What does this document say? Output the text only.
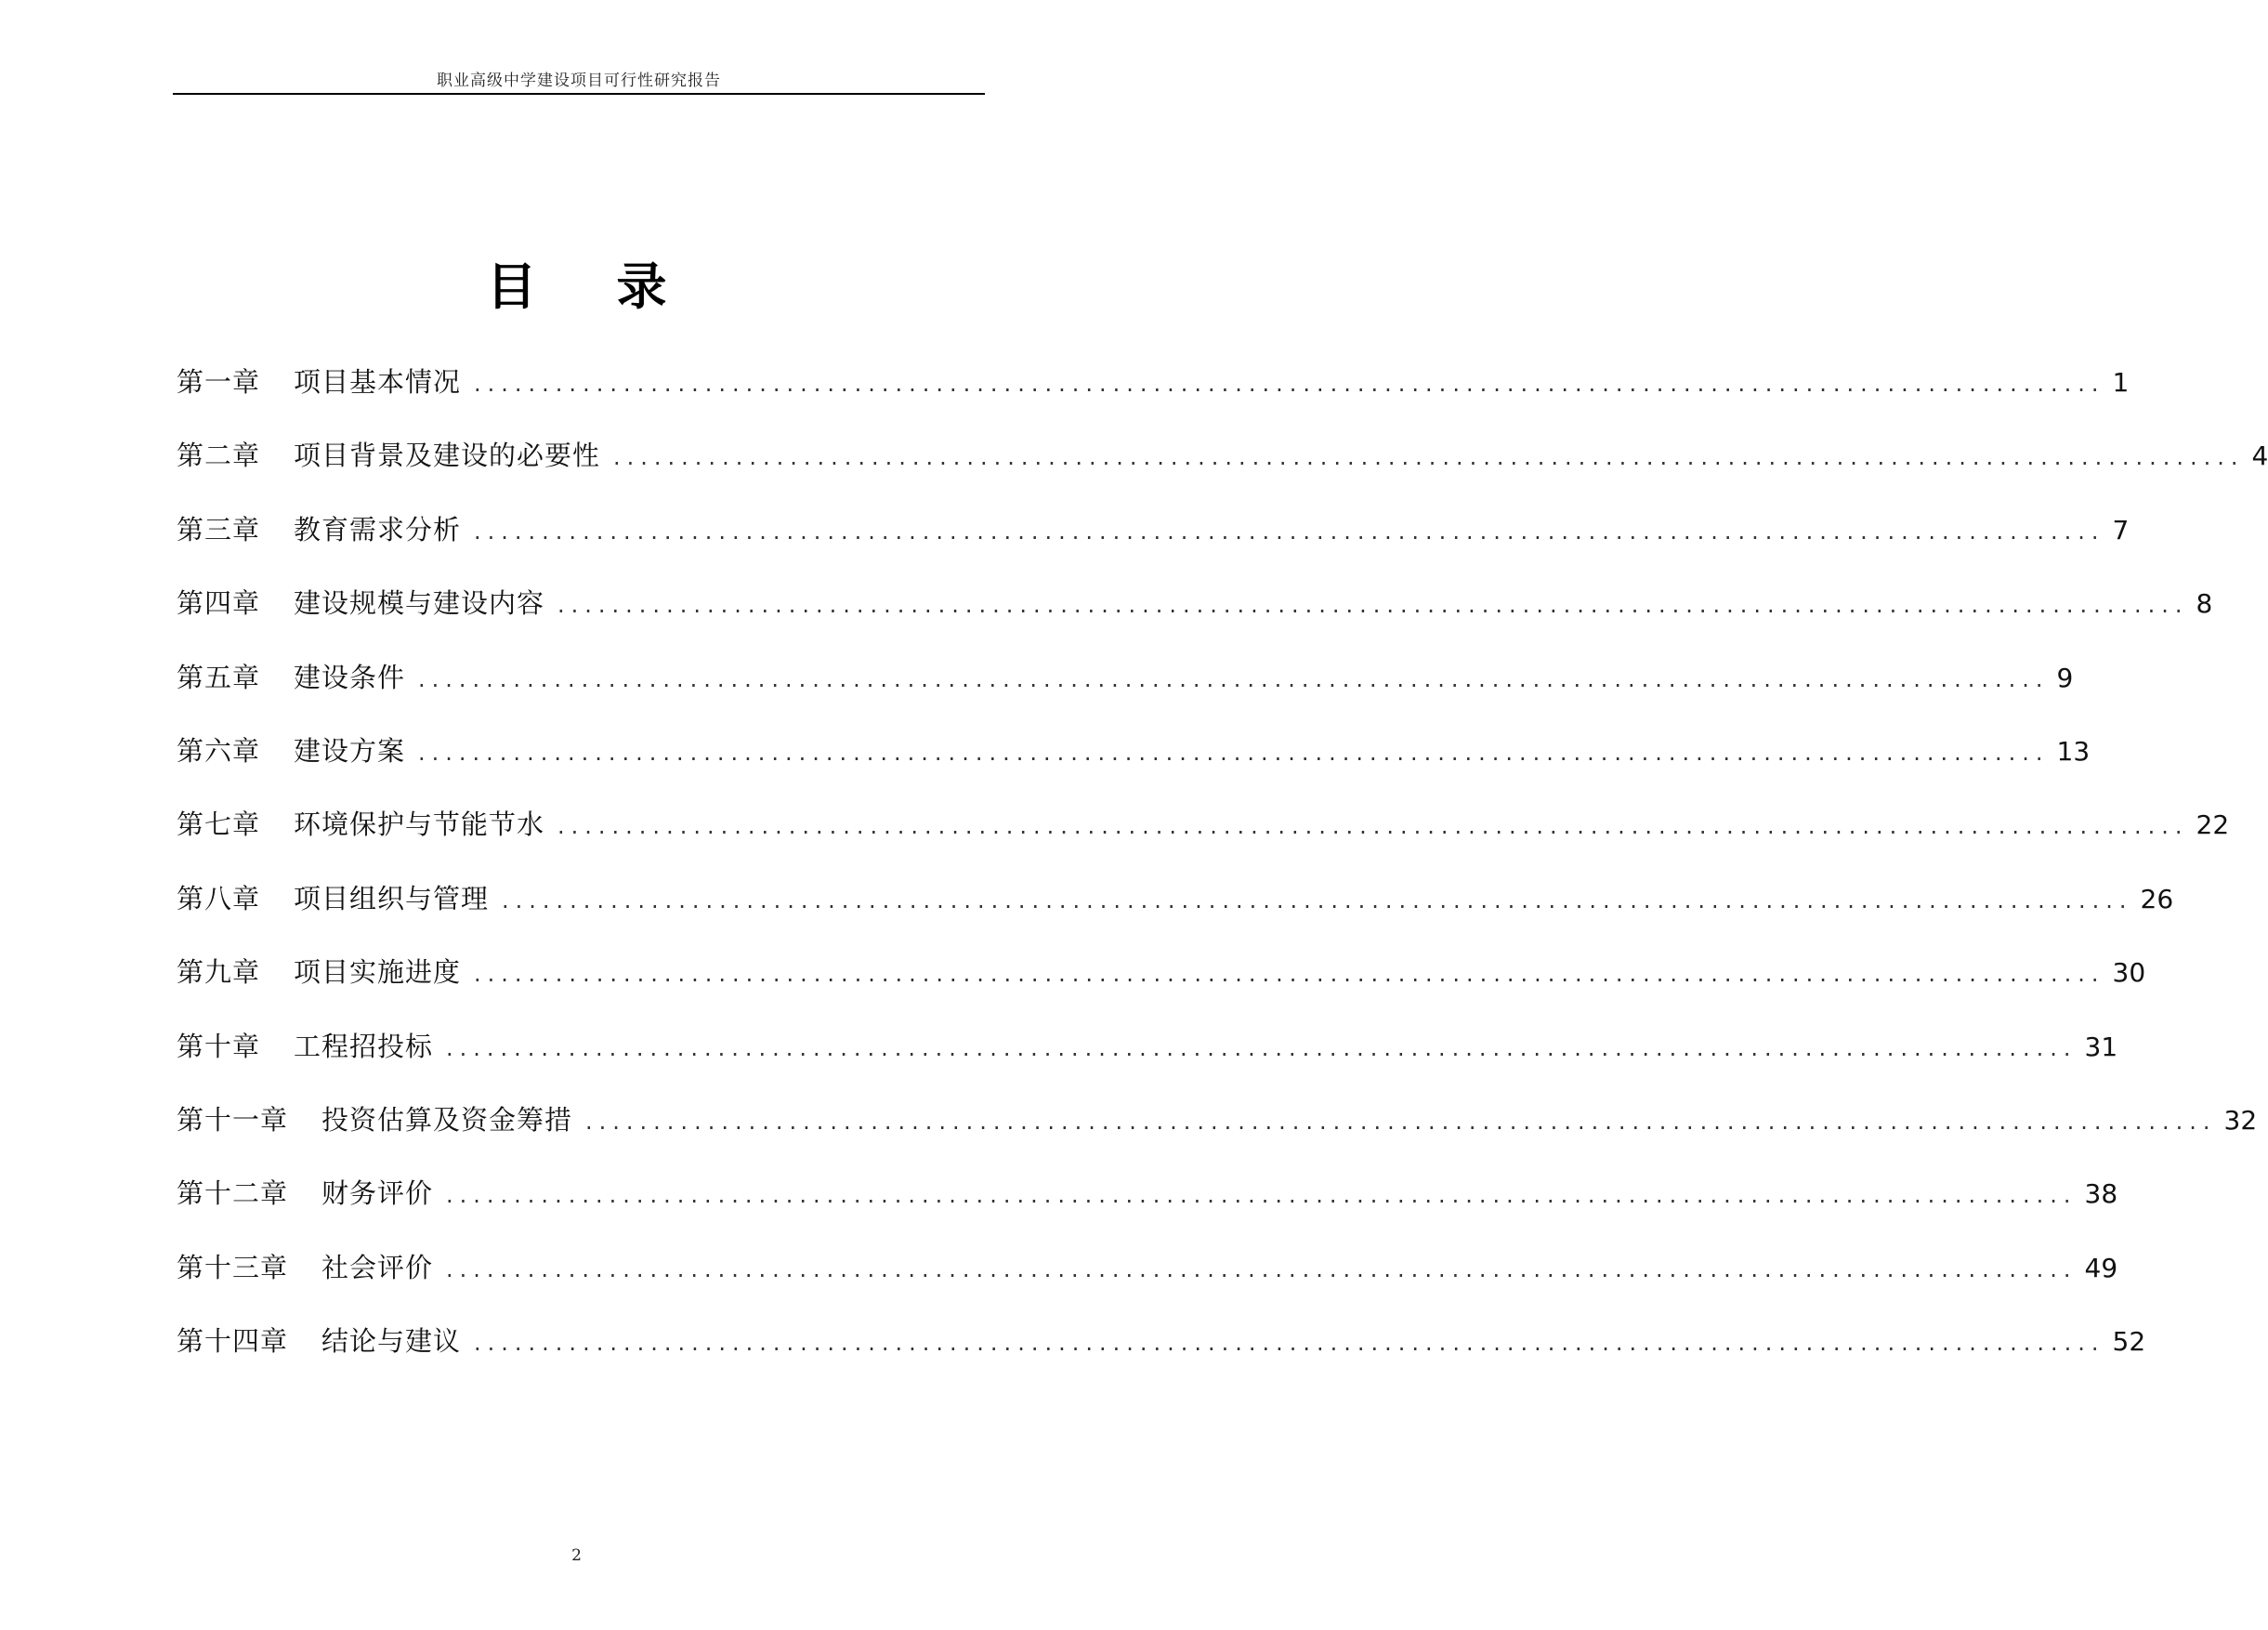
职业高级中学建设项目可行性研究报告
目 录
第一章 项目基本情况 ........................................................................................................................ 1
第二章 项目背景及建设的必要性 ........................................................................................................................ 4
第三章 教育需求分析 ........................................................................................................................ 7
第四章 建设规模与建设内容 ........................................................................................................................ 8
第五章 建设条件 ........................................................................................................................ 9
第六章 建设方案 ........................................................................................................................ 13
第七章 环境保护与节能节水 ........................................................................................................................ 22
第八章 项目组织与管理 ........................................................................................................................ 26
第九章 项目实施进度 ........................................................................................................................ 30
第十章 工程招投标 ........................................................................................................................ 31
第十一章 投资估算及资金筹措 ........................................................................................................................ 32
第十二章 财务评价 ........................................................................................................................ 38
第十三章 社会评价 ........................................................................................................................ 49
第十四章 结论与建议 ........................................................................................................................ 52
2
